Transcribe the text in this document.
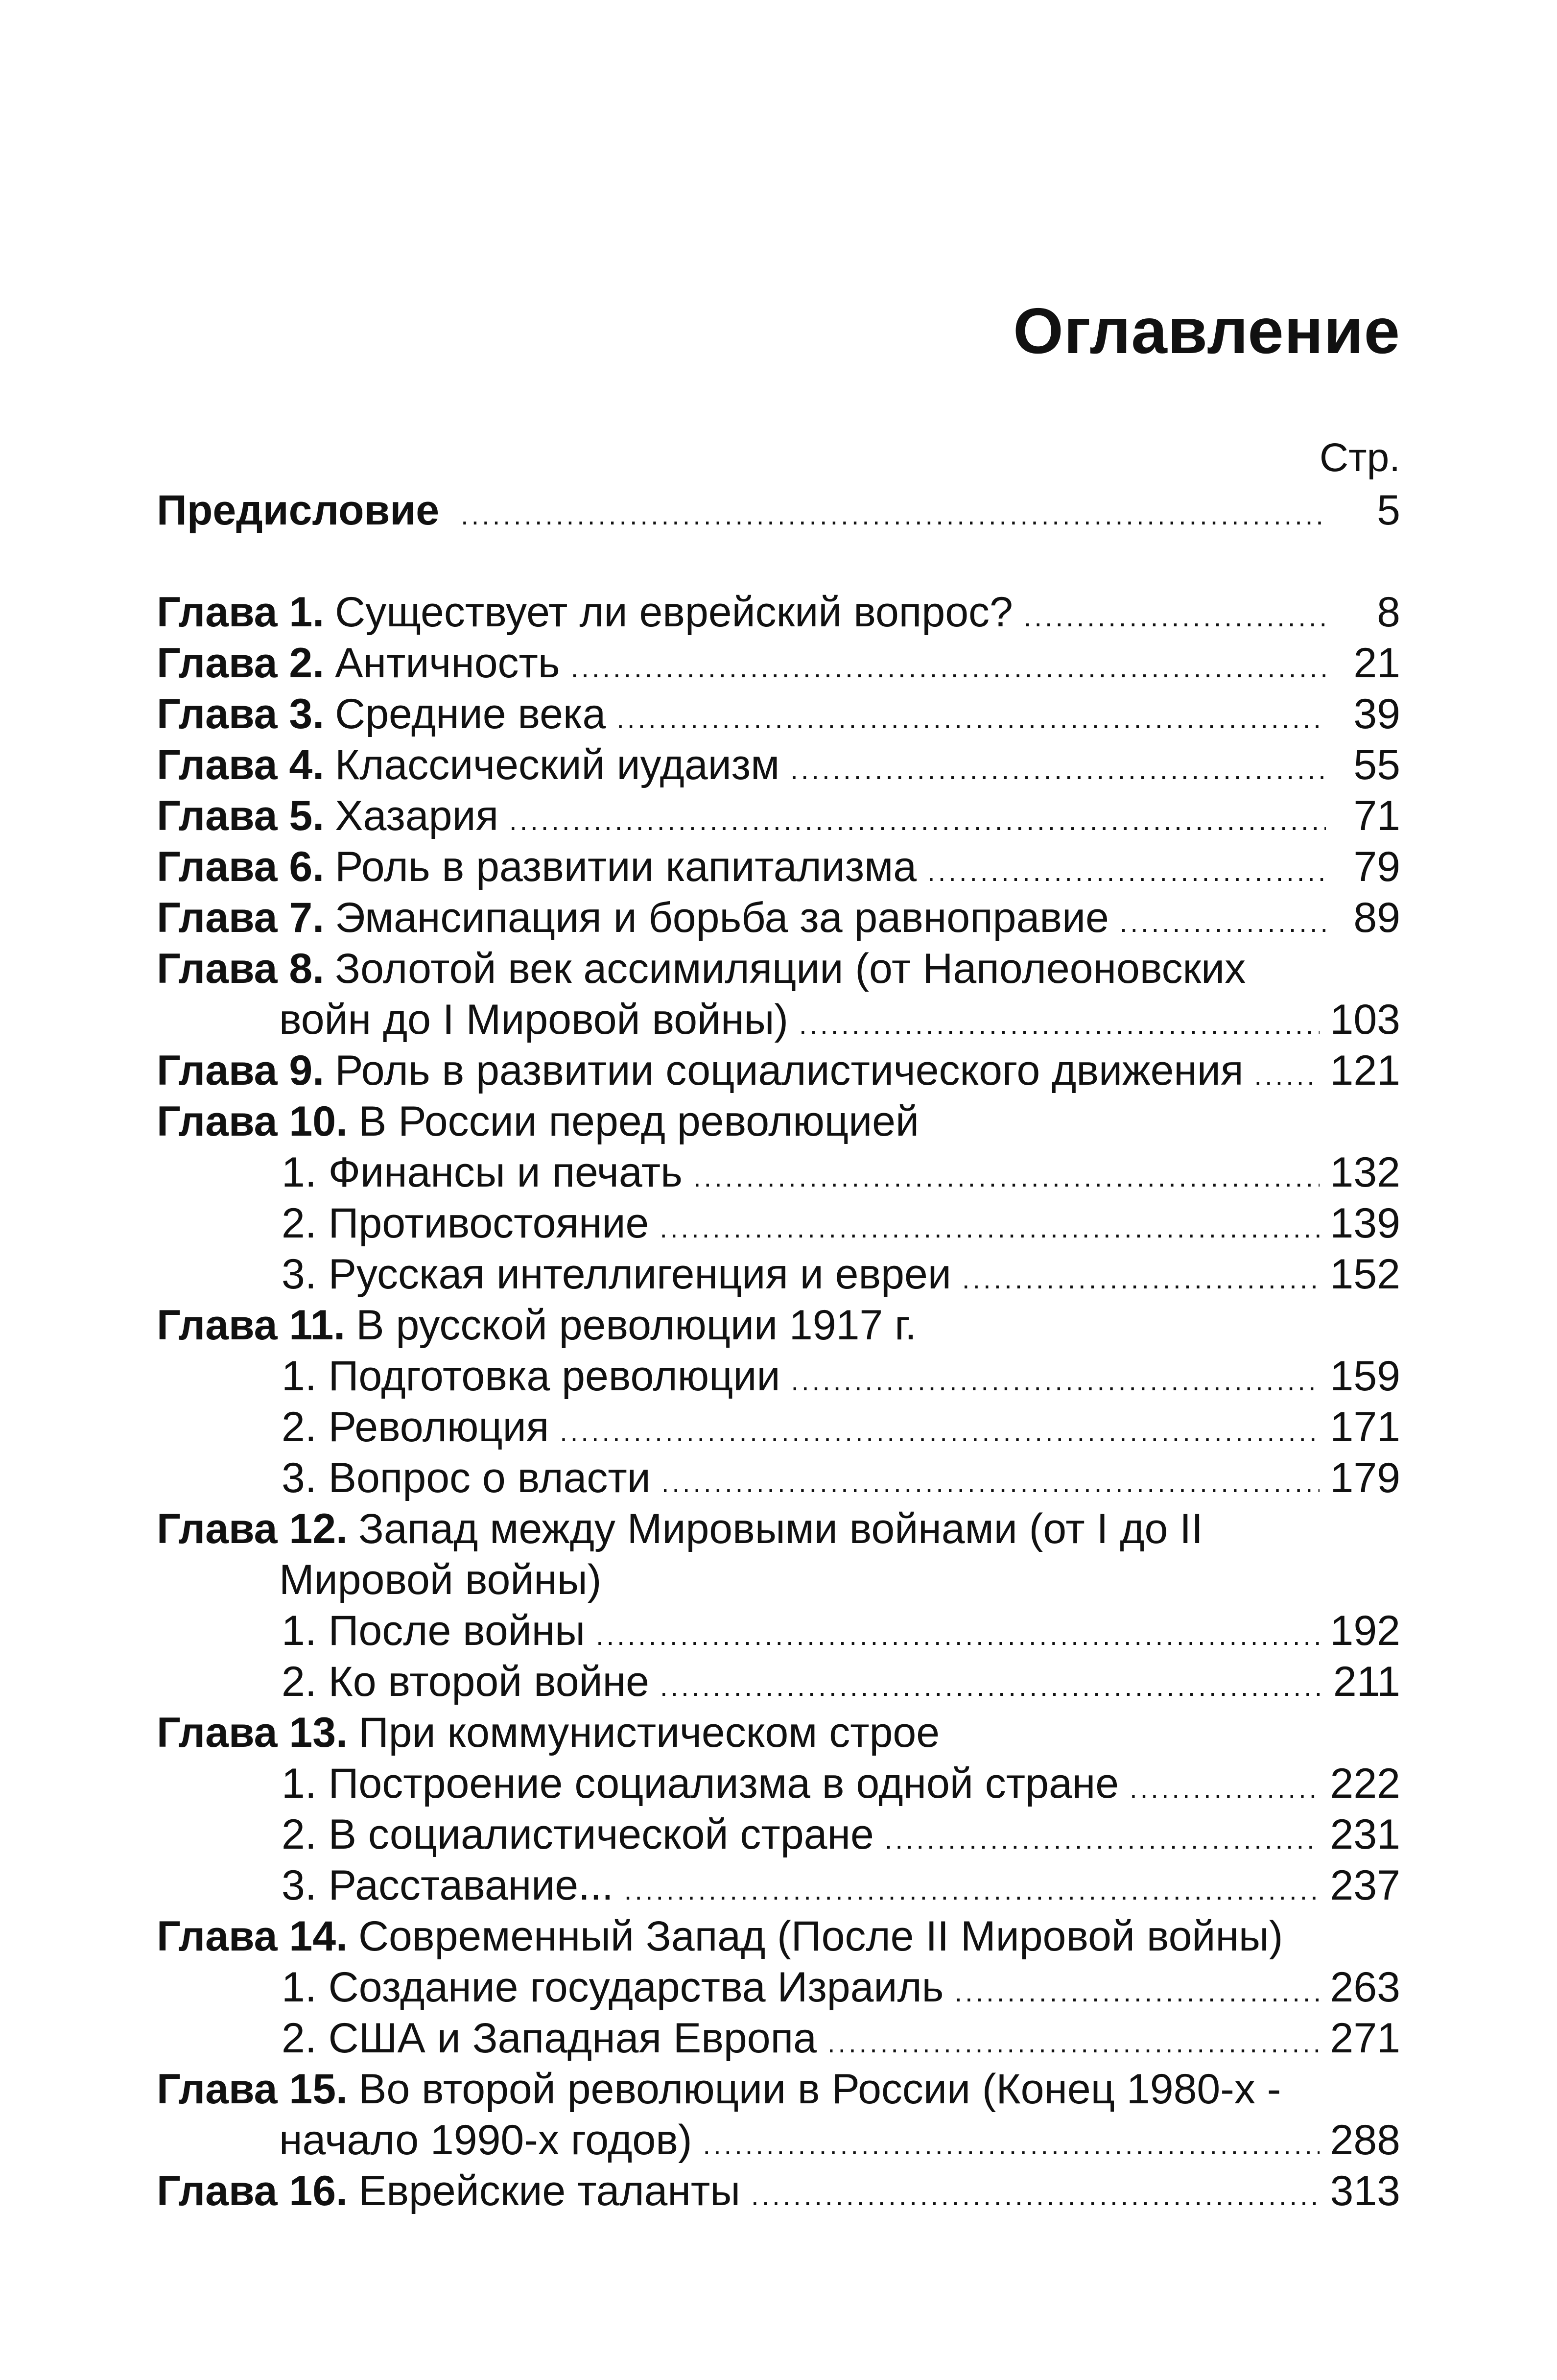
Оглавление
Стр.
Предисловие .....	5
Глава 1. Существует ли еврейский вопрос? .....	8
Глава 2. Античность .....	21
Глава 3. Средние века .....	39
Глава 4. Классический иудаизм .....	55
Глава 5. Хазария .....	71
Глава 6. Роль в развитии капитализма .....	79
Глава 7. Эмансипация и борьба за равноправие .....	89
Глава 8. Золотой век ассимиляции (от Наполеоновских
войн до I Мировой войны) .....	103
Глава 9. Роль в развитии социалистического движения ..... 121
Глава 10. В России перед революцией
1. Финансы и печать .....	132
2. Противостояние .....	139
3. Русская интеллигенция и евреи .....	152
Глава 11. В русской революции 1917 г.
1. Подготовка революции .....	159
2. Революция .....	171
3. Вопрос о власти .....	179
Глава 12. Запад между Мировыми войнами (от I до II
Мировой войны)
1. После войны .....	192
2. Ко второй войне .....	211
Глава 13. При коммунистическом строе
1. Построение социализма в одной стране .....	222
2. В социалистической стране .....	231
3. Расставание... .....	237
Глава 14. Современный Запад (После II Мировой войны)
1. Создание государства Израиль .....	263
2. США и Западная Европа .....	271
Глава 15. Во второй революции в России (Конец 1980-х -
начало 1990-х годов) .....	288
Глава 16. Еврейские таланты .....	313
